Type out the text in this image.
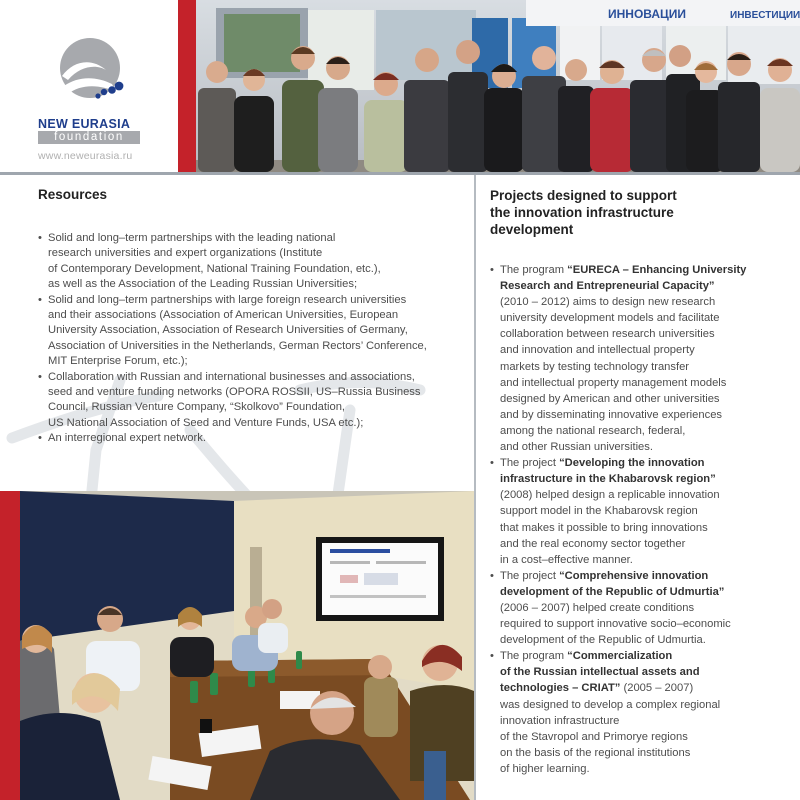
NEW EURASIA
foundation
www.neweurasia.ru
ИННОВАЦИИ	ИНВЕСТИЦИИ
Resources
• Solid and long–term partnerships with the leading national
research universities and expert organizations (Institute
of Contemporary Development, National Training Foundation, etc.),
as well as the Association of the Leading Russian Universities;
• Solid and long–term partnerships with large foreign research universities
and their associations (Association of American Universities, European
University Association, Association of Research Universities of Germany,
Association of Universities in the Netherlands, German Rectors’ Conference,
MIT Enterprise Forum, etc.);
• Collaboration with Russian and international businesses and associations,
seed and venture funding networks (OPORA ROSSII, US–Russia Business
Council, Russian Venture Company, “Skolkovo” Foundation,
US National Association of Seed and Venture Funds, USA etc.);
• An interregional expert network.
Projects designed to support
the innovation infrastructure
development
• The program “EURECA – Enhancing University
Research and Entrepreneurial Capacity”
(2010 – 2012) aims to design new research
university development models and facilitate
collaboration between research universities
and innovation and intellectual property
markets by testing technology transfer
and intellectual property management models
designed by American and other universities
and by disseminating innovative experiences
among the national research, federal,
and other Russian universities.
• The project “Developing the innovation
infrastructure in the Khabarovsk region”
(2008) helped design a replicable innovation
support model in the Khabarovsk region
that makes it possible to bring innovations
and the real economy sector together
in a cost–effective manner.
• The project “Comprehensive innovation
development of the Republic of Udmurtia”
(2006 – 2007) helped create conditions
required to support innovative socio–economic
development of the Republic of Udmurtia.
• The program “Commercialization
of the Russian intellectual assets and
technologies – CRIAT” (2005 – 2007)
was designed to develop a complex regional
innovation infrastructure
of the Stavropol and Primorye regions
on the basis of the regional institutions
of higher learning.
